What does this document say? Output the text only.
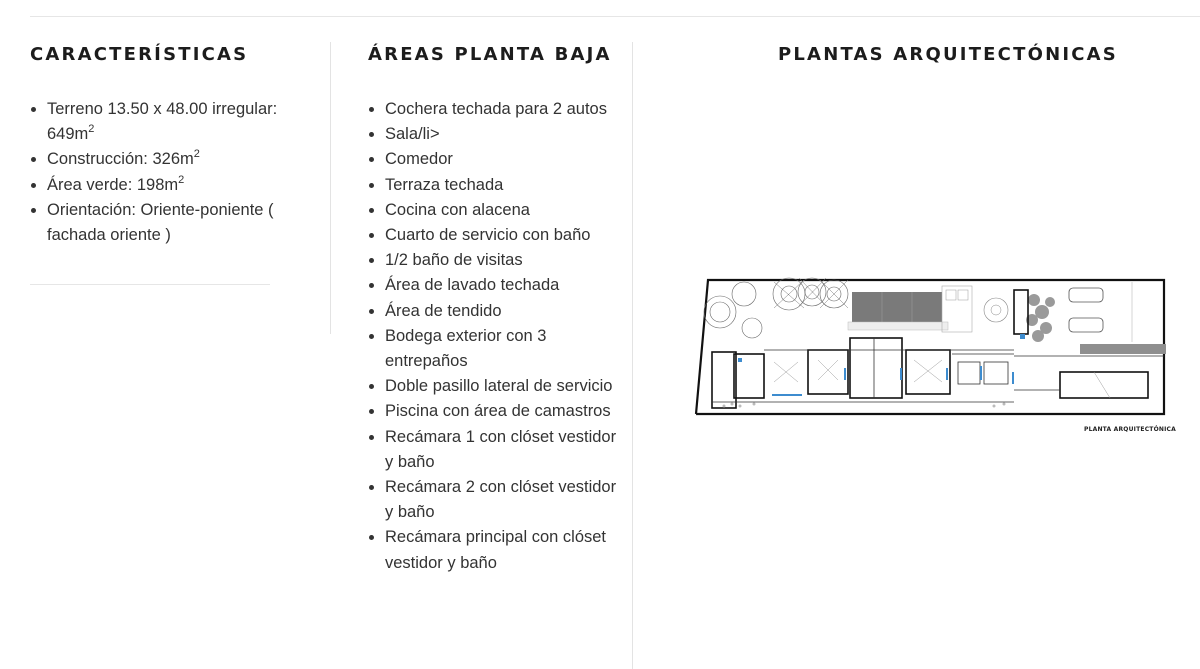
CARACTERÍSTICAS
Terreno 13.50 x 48.00 irregular: $649m^2$
Construcción: $326m^2$
Área verde: $198m^2$
Orientación: Oriente-poniente ( fachada oriente )
ÁREAS PLANTA BAJA
Cochera techada para 2 autos
Sala/li>
Comedor
Terraza techada
Cocina con alacena
Cuarto de servicio con baño
1/2 baño de visitas
Área de lavado techada
Área de tendido
Bodega exterior con 3 entrepaños
Doble pasillo lateral de servicio
Piscina con área de camastros
Recámara 1 con clóset vestidor y baño
Recámara 2 con clóset vestidor y baño
Recámara principal con clóset vestidor y baño
PLANTAS ARQUITECTÓNICAS
PLANTA ARQUITECTÓNICA
